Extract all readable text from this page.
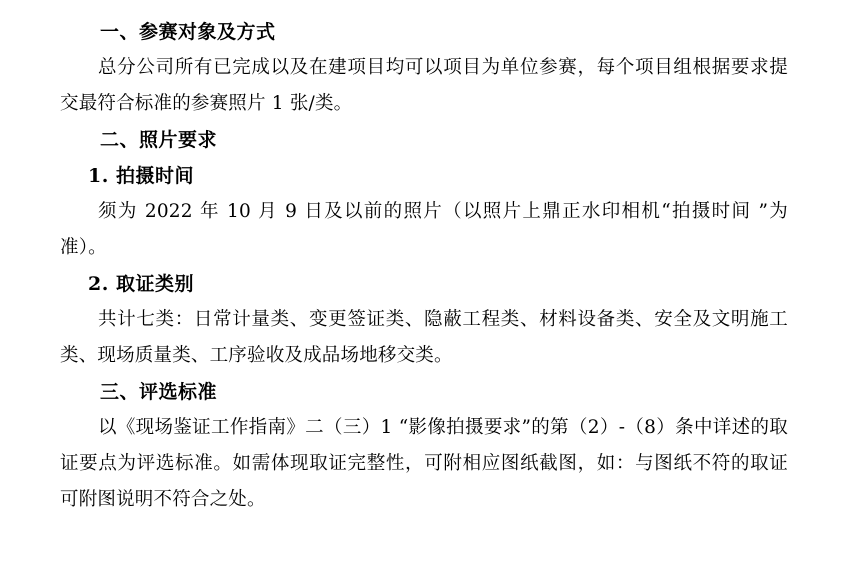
一、参赛对象及方式

总分公司所有已完成以及在建项目均可以项目为单位参赛，每个项目组根据要求提交最符合标准的参赛照片 1 张/类。

二、照片要求

1. 拍摄时间

须为 2022 年 10 月 9 日及以前的照片（以照片上鼎正水印相机“拍摄时间 ”为准）。

2. 取证类别

共计七类：日常计量类、变更签证类、隐蔽工程类、材料设备类、安全及文明施工类、现场质量类、工序验收及成品场地移交类。

三、评选标准

以《现场鉴证工作指南》二（三）1 “影像拍摄要求”的第（2）-（8）条中详述的取证要点为评选标准。如需体现取证完整性，可附相应图纸截图，如：与图纸不符的取证可附图说明不符合之处。
